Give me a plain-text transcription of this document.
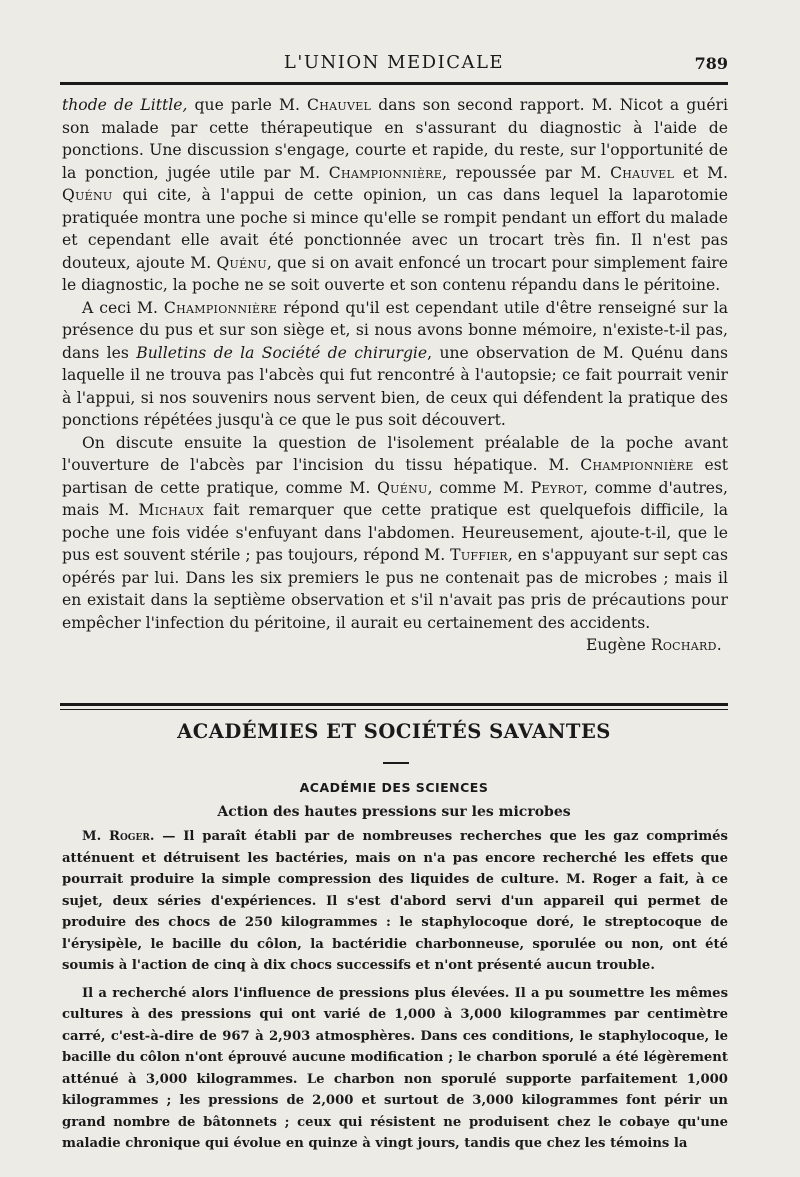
L'UNION MEDICALE	789

thode de Little, que parle M. Chauvel dans son second rapport. M. Nicot a guéri son malade par cette thérapeutique en s'assurant du diagnostic à l'aide de ponctions. Une discussion s'engage, courte et rapide, du reste, sur l'opportunité de la ponction, jugée utile par M. Championnière, repoussée par M. Chauvel et M. Quénu qui cite, à l'appui de cette opinion, un cas dans lequel la laparotomie pratiquée montra une poche si mince qu'elle se rompit pendant un effort du malade et cependant elle avait été ponctionnée avec un trocart très fin. Il n'est pas douteux, ajoute M. Quénu, que si on avait enfoncé un trocart pour simplement faire le diagnostic, la poche ne se soit ouverte et son contenu répandu dans le péritoine.

A ceci M. Championnière répond qu'il est cependant utile d'être renseigné sur la présence du pus et sur son siège et, si nous avons bonne mémoire, n'existe-t-il pas, dans les Bulletins de la Société de chirurgie, une observation de M. Quénu dans laquelle il ne trouva pas l'abcès qui fut rencontré à l'autopsie; ce fait pourrait venir à l'appui, si nos souvenirs nous servent bien, de ceux qui défendent la pratique des ponctions répétées jusqu'à ce que le pus soit découvert.

On discute ensuite la question de l'isolement préalable de la poche avant l'ouverture de l'abcès par l'incision du tissu hépatique. M. Championnière est partisan de cette pratique, comme M. Quénu, comme M. Peyrot, comme d'autres, mais M. Michaux fait remarquer que cette pratique est quelquefois difficile, la poche une fois vidée s'enfuyant dans l'abdomen. Heureusement, ajoute-t-il, que le pus est souvent stérile ; pas toujours, répond M. Tuffier, en s'appuyant sur sept cas opérés par lui. Dans les six premiers le pus ne contenait pas de microbes ; mais il en existait dans la septième observation et s'il n'avait pas pris de précautions pour empêcher l'infection du péritoine, il aurait eu certainement des accidents.

Eugène Rochard.

ACADÉMIES ET SOCIÉTÉS SAVANTES
ACADÉMIE DES SCIENCES
Action des hautes pressions sur les microbes

M. Roger. — Il paraît établi par de nombreuses recherches que les gaz comprimés atténuent et détruisent les bactéries, mais on n'a pas encore recherché les effets que pourrait produire la simple compression des liquides de culture. M. Roger a fait, à ce sujet, deux séries d'expériences. Il s'est d'abord servi d'un appareil qui permet de produire des chocs de 250 kilogrammes : le staphylocoque doré, le streptocoque de l'érysipèle, le bacille du côlon, la bactéridie charbonneuse, sporulée ou non, ont été soumis à l'action de cinq à dix chocs successifs et n'ont présenté aucun trouble.

Il a recherché alors l'influence de pressions plus élevées. Il a pu soumettre les mêmes cultures à des pressions qui ont varié de 1,000 à 3,000 kilogrammes par centimètre carré, c'est-à-dire de 967 à 2,903 atmosphères. Dans ces conditions, le staphylocoque, le bacille du côlon n'ont éprouvé aucune modification ; le charbon sporulé a été légèrement atténué à 3,000 kilogrammes. Le charbon non sporulé supporte parfaitement 1,000 kilogrammes ; les pressions de 2,000 et surtout de 3,000 kilogrammes font périr un grand nombre de bâtonnets ; ceux qui résistent ne produisent chez le cobaye qu'une maladie chronique qui évolue en quinze à vingt jours, tandis que chez les témoins la
